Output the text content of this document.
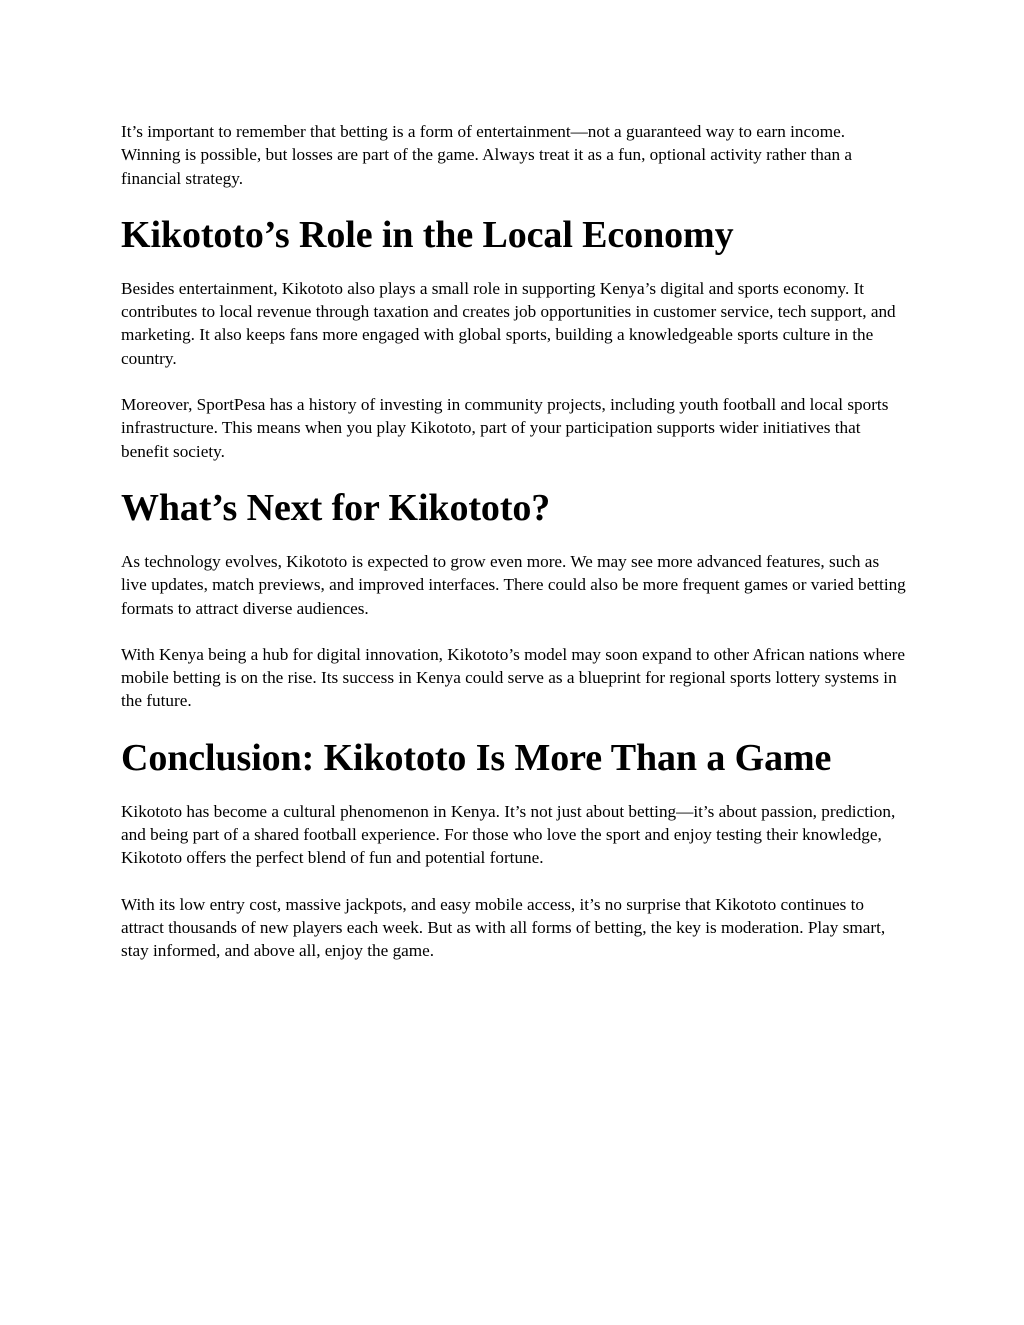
It’s important to remember that betting is a form of entertainment—not a guaranteed way to earn income. Winning is possible, but losses are part of the game. Always treat it as a fun, optional activity rather than a financial strategy.

Kikototo’s Role in the Local Economy

Besides entertainment, Kikototo also plays a small role in supporting Kenya’s digital and sports economy. It contributes to local revenue through taxation and creates job opportunities in customer service, tech support, and marketing. It also keeps fans more engaged with global sports, building a knowledgeable sports culture in the country.

Moreover, SportPesa has a history of investing in community projects, including youth football and local sports infrastructure. This means when you play Kikototo, part of your participation supports wider initiatives that benefit society.

What’s Next for Kikototo?

As technology evolves, Kikototo is expected to grow even more. We may see more advanced features, such as live updates, match previews, and improved interfaces. There could also be more frequent games or varied betting formats to attract diverse audiences.

With Kenya being a hub for digital innovation, Kikototo’s model may soon expand to other African nations where mobile betting is on the rise. Its success in Kenya could serve as a blueprint for regional sports lottery systems in the future.

Conclusion: Kikototo Is More Than a Game

Kikototo has become a cultural phenomenon in Kenya. It’s not just about betting—it’s about passion, prediction, and being part of a shared football experience. For those who love the sport and enjoy testing their knowledge, Kikototo offers the perfect blend of fun and potential fortune.

With its low entry cost, massive jackpots, and easy mobile access, it’s no surprise that Kikototo continues to attract thousands of new players each week. But as with all forms of betting, the key is moderation. Play smart, stay informed, and above all, enjoy the game.
